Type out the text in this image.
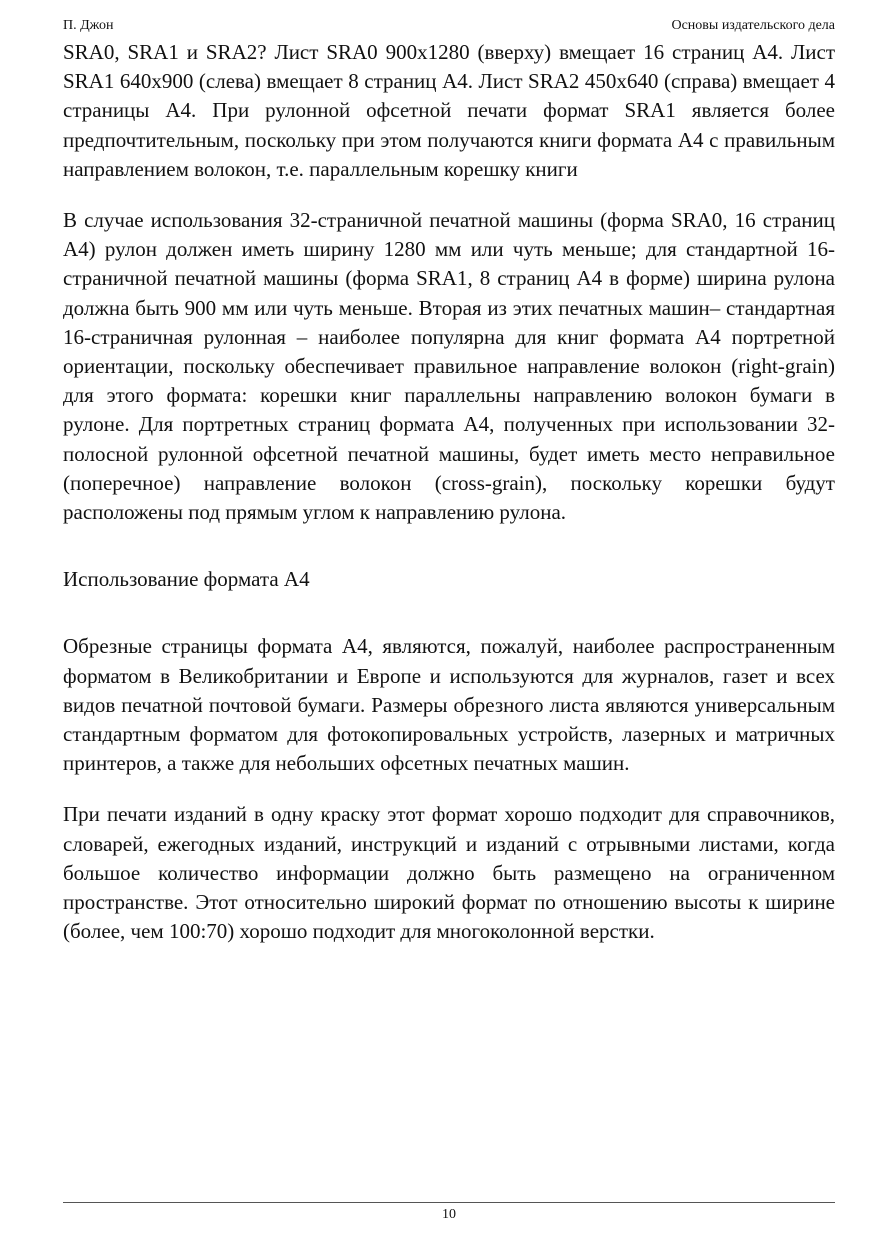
П. Джон	Основы издательского дела

SRA0, SRA1 и SRA2? Лист SRA0 900x1280 (вверху) вмещает 16 страниц А4. Лист SRA1 640x900 (слева) вмещает 8 страниц А4. Лист SRA2 450x640 (справа) вмещает 4 страницы А4. При рулонной офсетной печати формат SRA1 является более предпочтительным, поскольку при этом получаются книги формата А4 с правильным направлением волокон, т.е. параллельным корешку книги

В случае использования 32-страничной печатной машины (форма SRA0, 16 страниц А4) рулон должен иметь ширину 1280 мм или чуть меньше; для стандартной 16-страничной печатной машины (форма SRA1, 8 страниц А4 в форме) ширина рулона должна быть 900 мм или чуть меньше. Вторая из этих печатных машин– стандартная 16-страничная рулонная – наиболее популярна для книг формата А4 портретной ориентации, поскольку обеспечивает правильное направление волокон (right-grain) для этого формата: корешки книг параллельны направлению волокон бумаги в рулоне. Для портретных страниц формата А4, полученных при использовании 32-полосной рулонной офсетной печатной машины, будет иметь место неправильное (поперечное) направление волокон (cross-grain), поскольку корешки будут расположены под прямым углом к направлению рулона.

Использование формата А4

Обрезные страницы формата А4, являются, пожалуй, наиболее распространенным форматом в Великобритании и Европе и используются для журналов, газет и всех видов печатной почтовой бумаги. Размеры обрезного листа являются универсальным стандартным форматом для фотокопировальных устройств, лазерных и матричных принтеров, а также для небольших офсетных печатных машин.

При печати изданий в одну краску этот формат хорошо подходит для справочников, словарей, ежегодных изданий, инструкций и изданий с отрывными листами, когда большое количество информации должно быть размещено на ограниченном пространстве. Этот относительно широкий формат по отношению высоты к ширине (более, чем 100:70) хорошо подходит для многоколонной верстки.

10
